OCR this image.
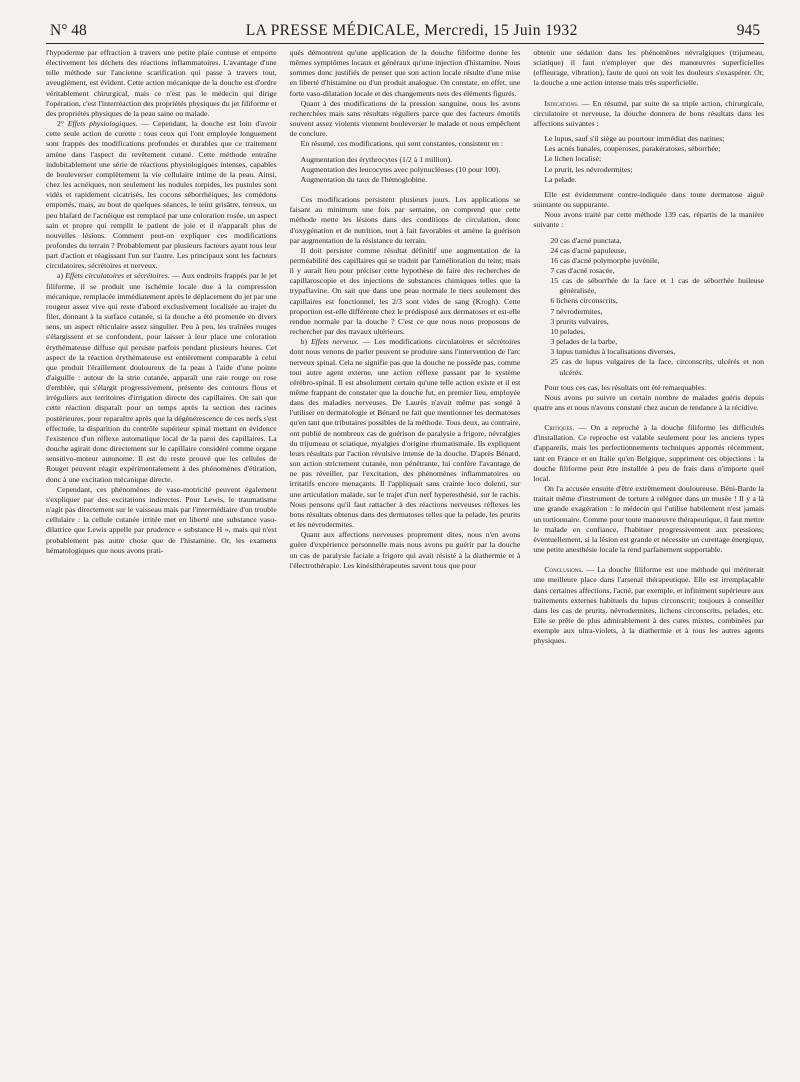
N° 48	LA PRESSE MÉDICALE, Mercredi, 15 Juin 1932	945

l'hypoderme par effraction à travers une petite plaie contuse et emporte électivement les déchets des réactions inflammatoires. L'avantage d'une telle méthode sur l'ancienne scarification qui passe à travers tout, aveuglément, est évident. Cette action mécanique de la douche est d'ordre véritablement chirurgical, mais ce n'est pas le médecin qui dirige l'opération, c'est l'interréaction des propriétés physiques du jet filiforme et des propriétés physiques de la peau saine ou malade.

2° Effets physiologiques. — Cependant, la douche est loin d'avoir cette seule action de curette : tous ceux qui l'ont employée longuement sont frappés des modifications profondes et durables que ce traitement amène dans l'aspect du revêtement cutané. Cette méthode entraîne indubitablement une série de réactions physiologiques intenses, capables de bouleverser complètement la vie cellulaire intime de la peau. Ainsi, chez les acnéiques, non seulement les nodules torpides, les pustules sont vidés et rapidement cicatrisés, les cocons séborrhéiques, les comédons emportés, mais, au bout de quelques séances, le teint grisâtre, terreux, un peu blafard de l'acnéique est remplacé par une coloration rosée, un aspect sain et propre qui remplit le patient de joie et il n'apparaît plus de nouvelles lésions. Comment peut-on expliquer ces modifications profondes du terrain ? Probablement par plusieurs facteurs ayant tous leur part d'action et réagissant l'un sur l'autre. Les principaux sont les facteurs circulatoires, sécrétoires et nerveux.

a) Effets circulatoires et sécrétoires. — Aux endroits frappés par le jet filiforme, il se produit une ischémie locale due à la compression mécanique, remplacée immédiatement après le déplacement du jet par une rougeur assez vive qui reste d'abord exclusivement localisée au trajet du filet, donnant à la surface cutanée, si la douche a été promenée en divers sens, un aspect réticulaire assez singulier. Peu à peu, les traînées rouges s'élargissent et se confondent, pour laisser à leur place une coloration érythémateuse diffuse qui persiste parfois pendant plusieurs heures. Cet aspect de la réaction érythémateuse est entièrement comparable à celui que produit l'éraillement douloureux de la peau à l'aide d'une pointe d'aiguille : autour de la strie cutanée, apparaît une raie rouge ou rose d'emblée, qui s'élargit progressivement, présente des contours flous et irréguliers aux territoires d'irrigation directe des capillaires. On sait que cette réaction disparaît pour un temps après la section des racines postérieures, pour reparaître après que la dégénérescence de ces nerfs s'est effectuée, la disparition du contrôle supérieur spinal mettant en évidence l'existence d'un réflexe automatique local de la paroi des capillaires. La douche agirait donc directement sur le capillaire considéré comme organe sensitivo-moteur autonome. Il est du reste prouvé que les cellules de Rouget peuvent réagir expérimentalement à des phénomènes d'étiration, donc à une excitation mécanique directe.

Cependant, ces phénomènes de vaso-motricité peuvent également s'expliquer par des excitations indirectes. Pour Lewis, le traumatisme n'agit pas directement sur le vaisseau mais par l'intermédiaire d'un trouble cellulaire : la cellule cutanée irritée met en liberté une substance vaso-dilatrice que Lewis appelle par prudence « substance H », mais qui n'est probablement pas autre chose que de l'histamine. Or, les examens hématologiques que nous avons prati-

qués démontrent qu'une application de la douche filiforme donne les mêmes symptômes locaux et généraux qu'une injection d'histamine. Nous sommes donc justifiés de penser que son action locale résulte d'une mise en liberté d'histamine ou d'un produit analogue. On constate, en effet, une forte vaso-dilatation locale et des changements nets des éléments figurés.

Quant à des modifications de la pression sanguine, nous les avons recherchées mais sans résultats réguliers parce que des facteurs émotifs souvent assez violents viennent bouleverser le malade et nous empêchent de conclure.

En résumé, ces modifications, qui sont constantes, consistent en :

Augmentation des érythrocytes (1/2 à 1 million).
Augmentation des leucocytes avec polynucléoses (10 pour 100).
Augmentation du taux de l'hémoglobine.

Ces modifications persistent plusieurs jours. Les applications se faisant au minimum une fois par semaine, on comprend que cette méthode mette les lésions dans des conditions de circulation, donc d'oxygénation et de nutrition, tout à fait favorables et amène la guérison par augmentation de la résistance du terrain.

Il doit persister comme résultat définitif une augmentation de la perméabilité des capillaires qui se traduit par l'amélioration du teint; mais il y aurait lieu pour préciser cette hypothèse de faire des recherches de capillaroscopie et des injections de substances chimiques telles que la trypaflavine. On sait que dans une peau normale le tiers seulement des capillaires est fonctionnel, les 2/3 sont vides de sang (Krogh). Cette proportion est-elle différente chez le prédisposé aux dermatoses et est-elle rendue normale par la douche ? C'est ce que nous nous proposons de rechercher par des travaux ultérieurs.

b) Effets nerveux. — Les modifications circulatoires et sécrétoires dont nous venons de parler peuvent se produire sans l'intervention de l'arc nerveux spinal. Cela ne signifie pas que la douche ne possède pas, comme tout autre agent externe, une action réflexe passant par le système cérébro-spinal. Il est absolument certain qu'une telle action existe et il est même frappant de constater que la douche fut, en premier lieu, employée dans des maladies nerveuses. De Laurès n'avait même pas songé à l'utiliser en dermatologie et Bénard ne fait que mentionner les dermatoses qu'en tant que tributaires possibles de la méthode. Tous deux, au contraire, ont publié de nombreux cas de guérison de paralysie a frigore, névralgies du trijumeau et sciatique, myalgies d'origine rhumatismale. Ils expliquent leurs résultats par l'action révulsive intense de la douche. D'après Bénard, son action strictement cutanée, non pénétrante, lui confère l'avantage de ne pas réveiller, par l'excitation, des phénomènes inflammatoires ou irritatifs encore menaçants. Il l'appliquait sans crainte loco dolenti, sur une articulation malade, sur le trajet d'un nerf hyperesthésié, sur le rachis. Nous pensons qu'il faut rattacher à des réactions nerveuses réflexes les bons résultats obtenus dans des dermatoses telles que la pelade, les prurits et les névrodermites.

Quant aux affections nerveuses proprement dites, nous n'en avons guère d'expérience personnelle mais nous avons pu guérir par la douche un cas de paralysie faciale a frigore qui avait résisté à la diathermie et à l'électrothérapie. Les kinésithérapeutes savent tous que pour

obtenir une sédation dans les phénomènes névralgiques (trijumeau, sciatique) il faut n'employer que des manœuvres superficielles (effleurage, vibration), faute de quoi on voit les douleurs s'exaspérer. Or, la douche a une action intense mais très superficielle.

Indications. — En résumé, par suite de sa triple action, chirurgicale, circulatoire et nerveuse, la douche donnera de bons résultats dans les affections suivantes :

Le lupus, sauf s'il siège au pourtour immédiat des narines;
Les acnés banales, couperoses, parakératoses, séborrhée;
Le lichen localisé;
Le prurit, les névrodermites;
La pelade.

Elle est évidemment contre-indiquée dans toute dermatose aiguë suintante ou suppurante.

Nous avons traité par cette méthode 139 cas, répartis de la manière suivante :

20 cas d'acné punctata,
24 cas d'acné papuleuse,
16 cas d'acné polymorphe juvénile,
7 cas d'acné rosacée,
15 cas de séborrhée de la face et 1 cas de séborrhée huileuse généralisée,
6 lichens circonscrits,
7 névrodermites,
3 prurits vulvaires,
10 pelades,
3 pelades de la barbe,
3 lupus tumidus à localisations diverses,
25 cas de lupus vulgaires de la face, circonscrits, ulcérés et non ulcérés.

Pour tous ces cas, les résultats ont été remarquables.

Nous avons pu suivre un certain nombre de malades guéris depuis quatre ans et nous n'avons constaté chez aucun de tendance à la récidive.

Critiques. — On a reproché à la douche filiforme les difficultés d'installation. Ce reproche est valable seulement pour les anciens types d'appareils, mais les perfectionnements techniques apportés récemment, tant en France et en Italie qu'en Belgique, suppriment ces objections : la douche filiforme peut être installée à peu de frais dans n'importe quel local.

On l'a accusée ensuite d'être extrêmement douloureuse. Béni-Barde la traitait même d'instrument de torture à reléguer dans un musée ! Il y a là une grande exagération : le médecin qui l'utilise habilement n'est jamais un tortionnaire. Comme pour toute manœuvre thérapeutique, il faut mettre le malade en confiance, l'habituer progressivement aux pressions; éventuellement, si la lésion est grande et nécessite un curettage énergique, une petite anesthésie locale la rend parfaitement supportable.

Conclusions. — La douche filiforme est une méthode qui mériterait une meilleure place dans l'arsenal thérapeutique. Elle est irremplaçable dans certaines affections, l'acné, par exemple, et infiniment supérieure aux traitements externes habituels du lupus circonscrit; toujours à conseiller dans les cas de prurits, névrodermites, lichens circonscrits, pelades, etc. Elle se prête de plus admirablement à des cures mixtes, combinées par exemple aux ultra-violets, à la diathermie et à tous les autres agents physiques.
